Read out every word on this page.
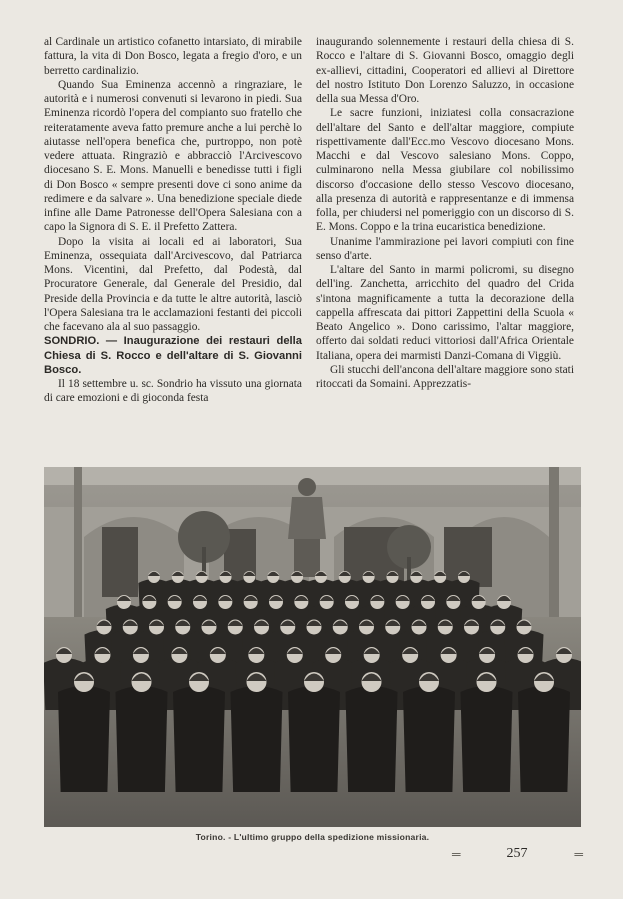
al Cardinale un artistico cofanetto intarsiato, di mirabile fattura, la vita di Don Bosco, legata a fregio d'oro, e un berretto cardinalizio.

Quando Sua Eminenza accennò a ringraziare, le autorità e i numerosi convenuti si levarono in piedi. Sua Eminenza ricordò l'opera del compianto suo fratello che reiteratamente aveva fatto premure anche a lui perchè lo aiutasse nell'opera benefica che, purtroppo, non potè vedere attuata. Ringraziò e abbracciò l'Arcivescovo diocesano S. E. Mons. Manuelli e benedisse tutti i figli di Don Bosco « sempre presenti dove ci sono anime da redimere e da salvare ». Una benedizione speciale diede infine alle Dame Patronesse dell'Opera Salesiana con a capo la Signora di S. E. il Prefetto Zattera.

Dopo la visita ai locali ed ai laboratori, Sua Eminenza, ossequiata dall'Arcivescovo, dal Patriarca Mons. Vicentini, dal Prefetto, dal Podestà, dal Procuratore Generale, dal Generale del Presidio, dal Preside della Provincia e da tutte le altre autorità, lasciò l'Opera Salesiana tra le acclamazioni festanti dei piccoli che facevano ala al suo passaggio.

SONDRIO. — Inaugurazione dei restauri della Chiesa di S. Rocco e dell'altare di S. Giovanni Bosco.

Il 18 settembre u. sc. Sondrio ha vissuto una giornata di care emozioni e di gioconda festa

inaugurando solennemente i restauri della chiesa di S. Rocco e l'altare di S. Giovanni Bosco, omaggio degli ex-allievi, cittadini, Cooperatori ed allievi al Direttore del nostro Istituto Don Lorenzo Saluzzo, in occasione della sua Messa d'Oro.

Le sacre funzioni, iniziatesi colla consacrazione dell'altare del Santo e dell'altar maggiore, compiute rispettivamente dall'Ecc.mo Vescovo diocesano Mons. Macchi e dal Vescovo salesiano Mons. Coppo, culminarono nella Messa giubilare col nobilissimo discorso d'occasione dello stesso Vescovo diocesano, alla presenza di autorità e rappresentanze e di immensa folla, per chiudersi nel pomeriggio con un discorso di S. E. Mons. Coppo e la trina eucaristica benedizione.

Unanime l'ammirazione pei lavori compiuti con fine senso d'arte.

L'altare del Santo in marmi policromi, su disegno dell'ing. Zanchetta, arricchito del quadro del Crida s'intona magnificamente a tutta la decorazione della cappella affrescata dai pittori Zappettini della Scuola « Beato Angelico ». Dono carissimo, l'altar maggiore, offerto dai soldati reduci vittoriosi dall'Africa Orientale Italiana, opera dei marmisti Danzi-Comana di Viggiù.

Gli stucchi dell'ancona dell'altare maggiore sono stati ritoccati da Somaini. Apprezzatis-

Torino. - L'ultimo gruppo della spedizione missionaria.
═	257	═
